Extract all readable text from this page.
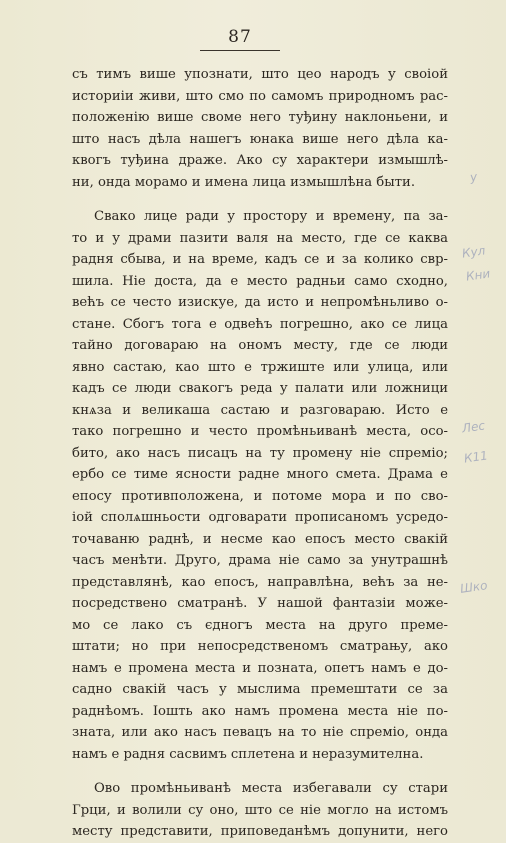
87
съ тимъ више упознати, што цео народъ у своіой
историіи живи, што смо по самомъ природномъ рас-
положенію више своме него туђину наклоньени, и
што насъ дѣла нашегъ юнака више него дѣла ка-
квогъ туђина драже. Ако су характери измышлѣ-
ни, онда морамо и имена лица измышлѣна быти.
Свако лице ради у простору и времену, па за-
то и у драми пазити валя на место, где се каква
радня сбыва, и на време, кадъ се и за колико свр-
шила. Ніе доста, да е место радньи само сходно,
већъ се често изискуе, да исто и непромѣньливо о-
стане. Сбогъ тога е одвећъ погрешно, ако се лица
тайно договараю на ономъ месту, где се люди
явно састаю, као што е тржиште или улица, или
кадъ се люди свакогъ реда у палати или ложници
кнѧза и великаша састаю и разговараю. Исто е
тако погрешно и често промѣньиванѣ места, осо-
бито, ако насъ писацъ на ту промену ніе спреміо;
ербо се тиме ясности радне много смета. Драма е
епосу противположена, и потоме мора и по сво-
іой сполѧшньости одговарати прописаномъ усредо-
точаваню раднѣ, и несме као епосъ место свакій
часъ менѣти. Друго, драма ніе само за унутрашнѣ
представлянѣ, као епосъ, направлѣна, већъ за не-
посредствено сматранѣ. У нашой фантазіи може-
мо се лако съ єдногъ места на друго преме-
штати; но при непосредственомъ сматрању, ако
намъ е промена места и позната, опетъ намъ е до-
садно свакій часъ у мыслима премештати се за
раднѣомъ. Іошть ако намъ промена места ніе по-
зната, или ако насъ певацъ на то ніе спреміо, онда
намъ е радня сасвимъ сплетена и неразумителна.
Ово промѣньиванѣ места избегавали су стари
Грци, и волили су оно, што се ніе могло на истомъ
месту представити, приповеданѣмъ допунити, него
Кул
Кни
Лес
К11
Шко
у
